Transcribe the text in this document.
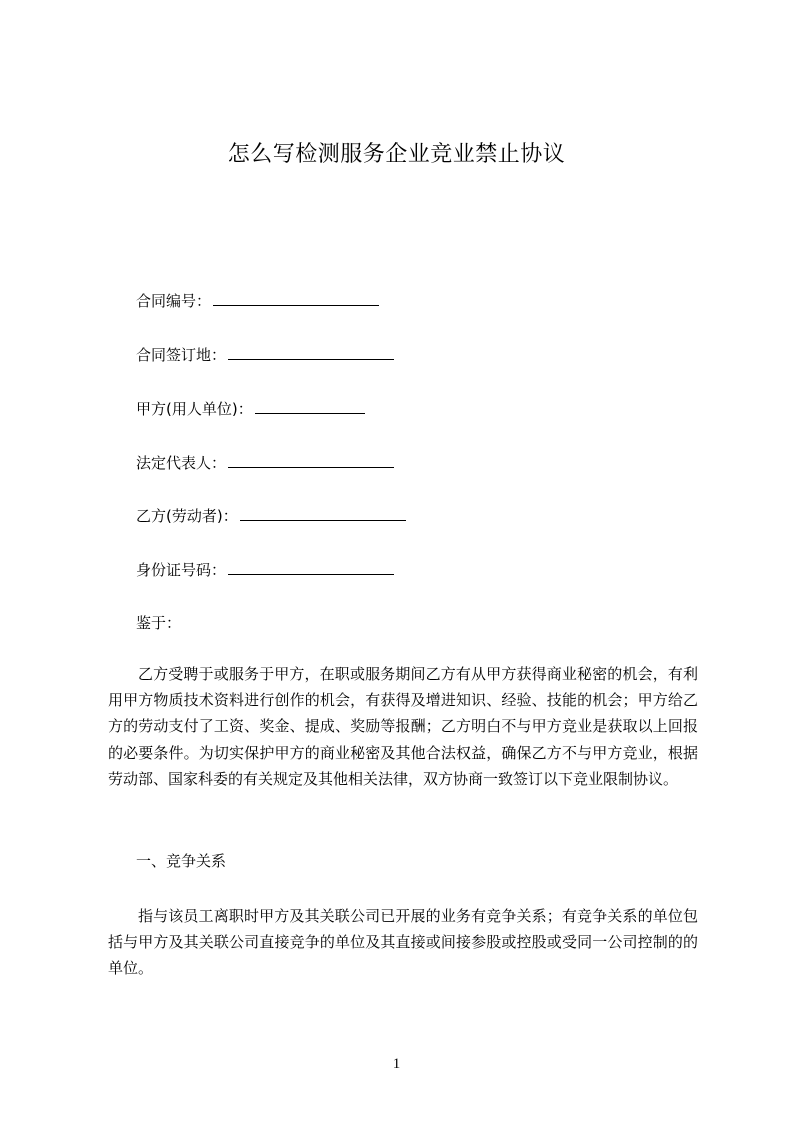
怎么写检测服务企业竞业禁止协议
合同编号：
合同签订地：
甲方(用人单位)：
法定代表人：
乙方(劳动者)：
身份证号码：
鉴于：
乙方受聘于或服务于甲方，在职或服务期间乙方有从甲方获得商业秘密的机会，有利用甲方物质技术资料进行创作的机会，有获得及增进知识、经验、技能的机会；甲方给乙方的劳动支付了工资、奖金、提成、奖励等报酬；乙方明白不与甲方竞业是获取以上回报的必要条件。为切实保护甲方的商业秘密及其他合法权益，确保乙方不与甲方竞业，根据劳动部、国家科委的有关规定及其他相关法律，双方协商一致签订以下竞业限制协议。
一、竞争关系
指与该员工离职时甲方及其关联公司已开展的业务有竞争关系；有竞争关系的单位包括与甲方及其关联公司直接竞争的单位及其直接或间接参股或控股或受同一公司控制的的单位。
1
